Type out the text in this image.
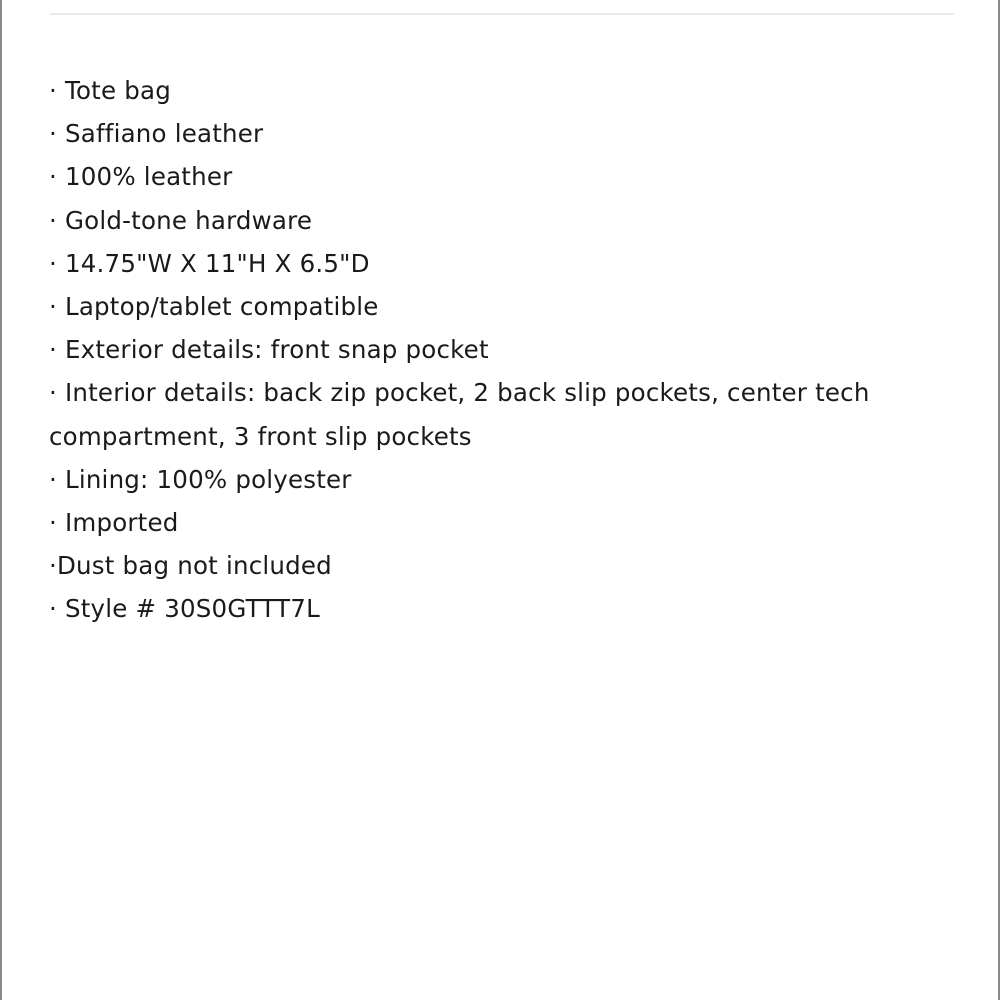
· Tote bag
· Saffiano leather
· 100% leather
· Gold-tone hardware
· 14.75"W X 11"H X 6.5"D
· Laptop/tablet compatible
· Exterior details: front snap pocket
· Interior details: back zip pocket, 2 back slip pockets, center tech compartment, 3 front slip pockets
· Lining: 100% polyester
· Imported
·Dust bag not included
· Style # 30S0GTTT7L
